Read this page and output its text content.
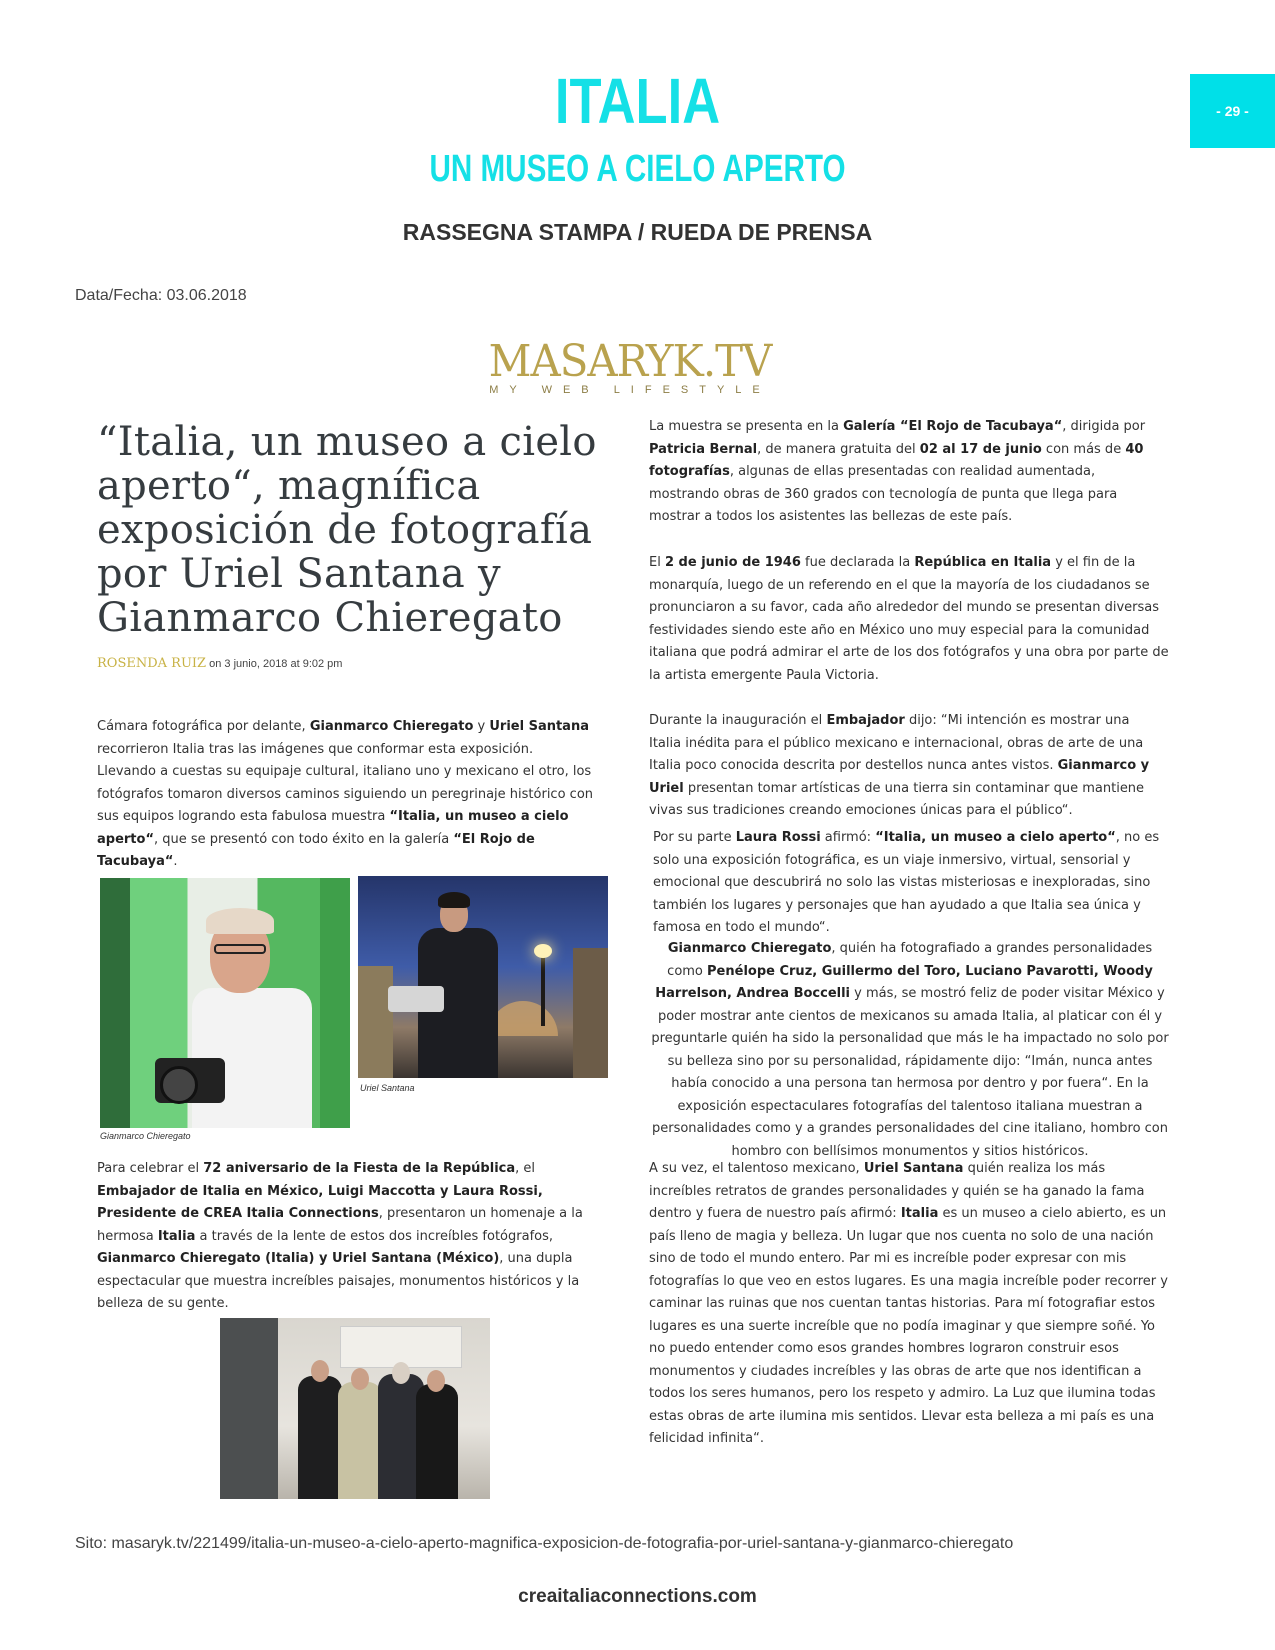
- 29 -
ITALIA
UN MUSEO A CIELO APERTO
RASSEGNA STAMPA / RUEDA DE PRENSA
Data/Fecha: 03.06.2018
MASARYK.TV
MY WEB LIFESTYLE
“Italia, un museo a cielo aperto“, magnífica exposición de fotografía por Uriel Santana y Gianmarco Chieregato
ROSENDA RUIZ on 3 junio, 2018 at 9:02 pm
Cámara fotográfica por delante, Gianmarco Chieregato y Uriel Santana recorrieron Italia tras las imágenes que conformar esta exposición. Llevando a cuestas su equipaje cultural, italiano uno y mexicano el otro, los fotógrafos tomaron diversos caminos siguiendo un peregrinaje histórico con sus equipos logrando esta fabulosa muestra “Italia, un museo a cielo aperto“, que se presentó con todo éxito en la galería “El Rojo de Tacubaya“.
Gianmarco Chieregato
Uriel Santana
Para celebrar el 72 aniversario de la Fiesta de la República, el Embajador de Italia en México, Luigi Maccotta y Laura Rossi, Presidente de CREA Italia Connections, presentaron un homenaje a la hermosa Italia a través de la lente de estos dos increíbles fotógrafos, Gianmarco Chieregato (Italia) y Uriel Santana (México), una dupla espectacular que muestra increíbles paisajes, monumentos históricos y la belleza de su gente.
La muestra se presenta en la Galería “El Rojo de Tacubaya“, dirigida por Patricia Bernal, de manera gratuita del 02 al 17 de junio con más de 40 fotografías, algunas de ellas presentadas con realidad aumentada, mostrando obras de 360 grados con tecnología de punta que llega para mostrar a todos los asistentes las bellezas de este país.
El 2 de junio de 1946 fue declarada la República en Italia y el fin de la monarquía, luego de un referendo en el que la mayoría de los ciudadanos se pronunciaron a su favor, cada año alrededor del mundo se presentan diversas festividades siendo este año en México uno muy especial para la comunidad italiana que podrá admirar el arte de los dos fotógrafos y una obra por parte de la artista emergente Paula Victoria.
Durante la inauguración el Embajador dijo: “Mi intención es mostrar una Italia inédita para el público mexicano e internacional, obras de arte de una Italia poco conocida descrita por destellos nunca antes vistos. Gianmarco y Uriel presentan tomar artísticas de una tierra sin contaminar que mantiene vivas sus tradiciones creando emociones únicas para el público“.
Por su parte Laura Rossi afirmó: “Italia, un museo a cielo aperto“, no es solo una exposición fotográfica, es un viaje inmersivo, virtual, sensorial y emocional que descubrirá no solo las vistas misteriosas e inexploradas, sino también los lugares y personajes que han ayudado a que Italia sea única y famosa en todo el mundo“.
Gianmarco Chieregato, quién ha fotografiado a grandes personalidades como Penélope Cruz, Guillermo del Toro, Luciano Pavarotti, Woody Harrelson, Andrea Boccelli y más, se mostró feliz de poder visitar México y poder mostrar ante cientos de mexicanos su amada Italia, al platicar con él y preguntarle quién ha sido la personalidad que más le ha impactado no solo por su belleza sino por su personalidad, rápidamente dijo: “Imán, nunca antes había conocido a una persona tan hermosa por dentro y por fuera“. En la exposición espectaculares fotografías del talentoso italiana muestran a personalidades como y a grandes personalidades del cine italiano, hombro con hombro con bellísimos monumentos y sitios históricos.
A su vez, el talentoso mexicano, Uriel Santana quién realiza los más increíbles retratos de grandes personalidades y quién se ha ganado la fama dentro y fuera de nuestro país afirmó: Italia es un museo a cielo abierto, es un país lleno de magia y belleza. Un lugar que nos cuenta no solo de una nación sino de todo el mundo entero. Par mi es increíble poder expresar con mis fotografías lo que veo en estos lugares. Es una magia increíble poder recorrer y caminar las ruinas que nos cuentan tantas historias. Para mí fotografiar estos lugares es una suerte increíble que no podía imaginar y que siempre soñé. Yo no puedo entender como esos grandes hombres lograron construir esos monumentos y ciudades increíbles y las obras de arte que nos identifican a todos los seres humanos, pero los respeto y admiro. La Luz que ilumina todas estas obras de arte ilumina mis sentidos. Llevar esta belleza a mi país es una felicidad infinita“.
Sito: masaryk.tv/221499/italia-un-museo-a-cielo-aperto-magnifica-exposicion-de-fotografia-por-uriel-santana-y-gianmarco-chieregato
creaitaliaconnections.com
